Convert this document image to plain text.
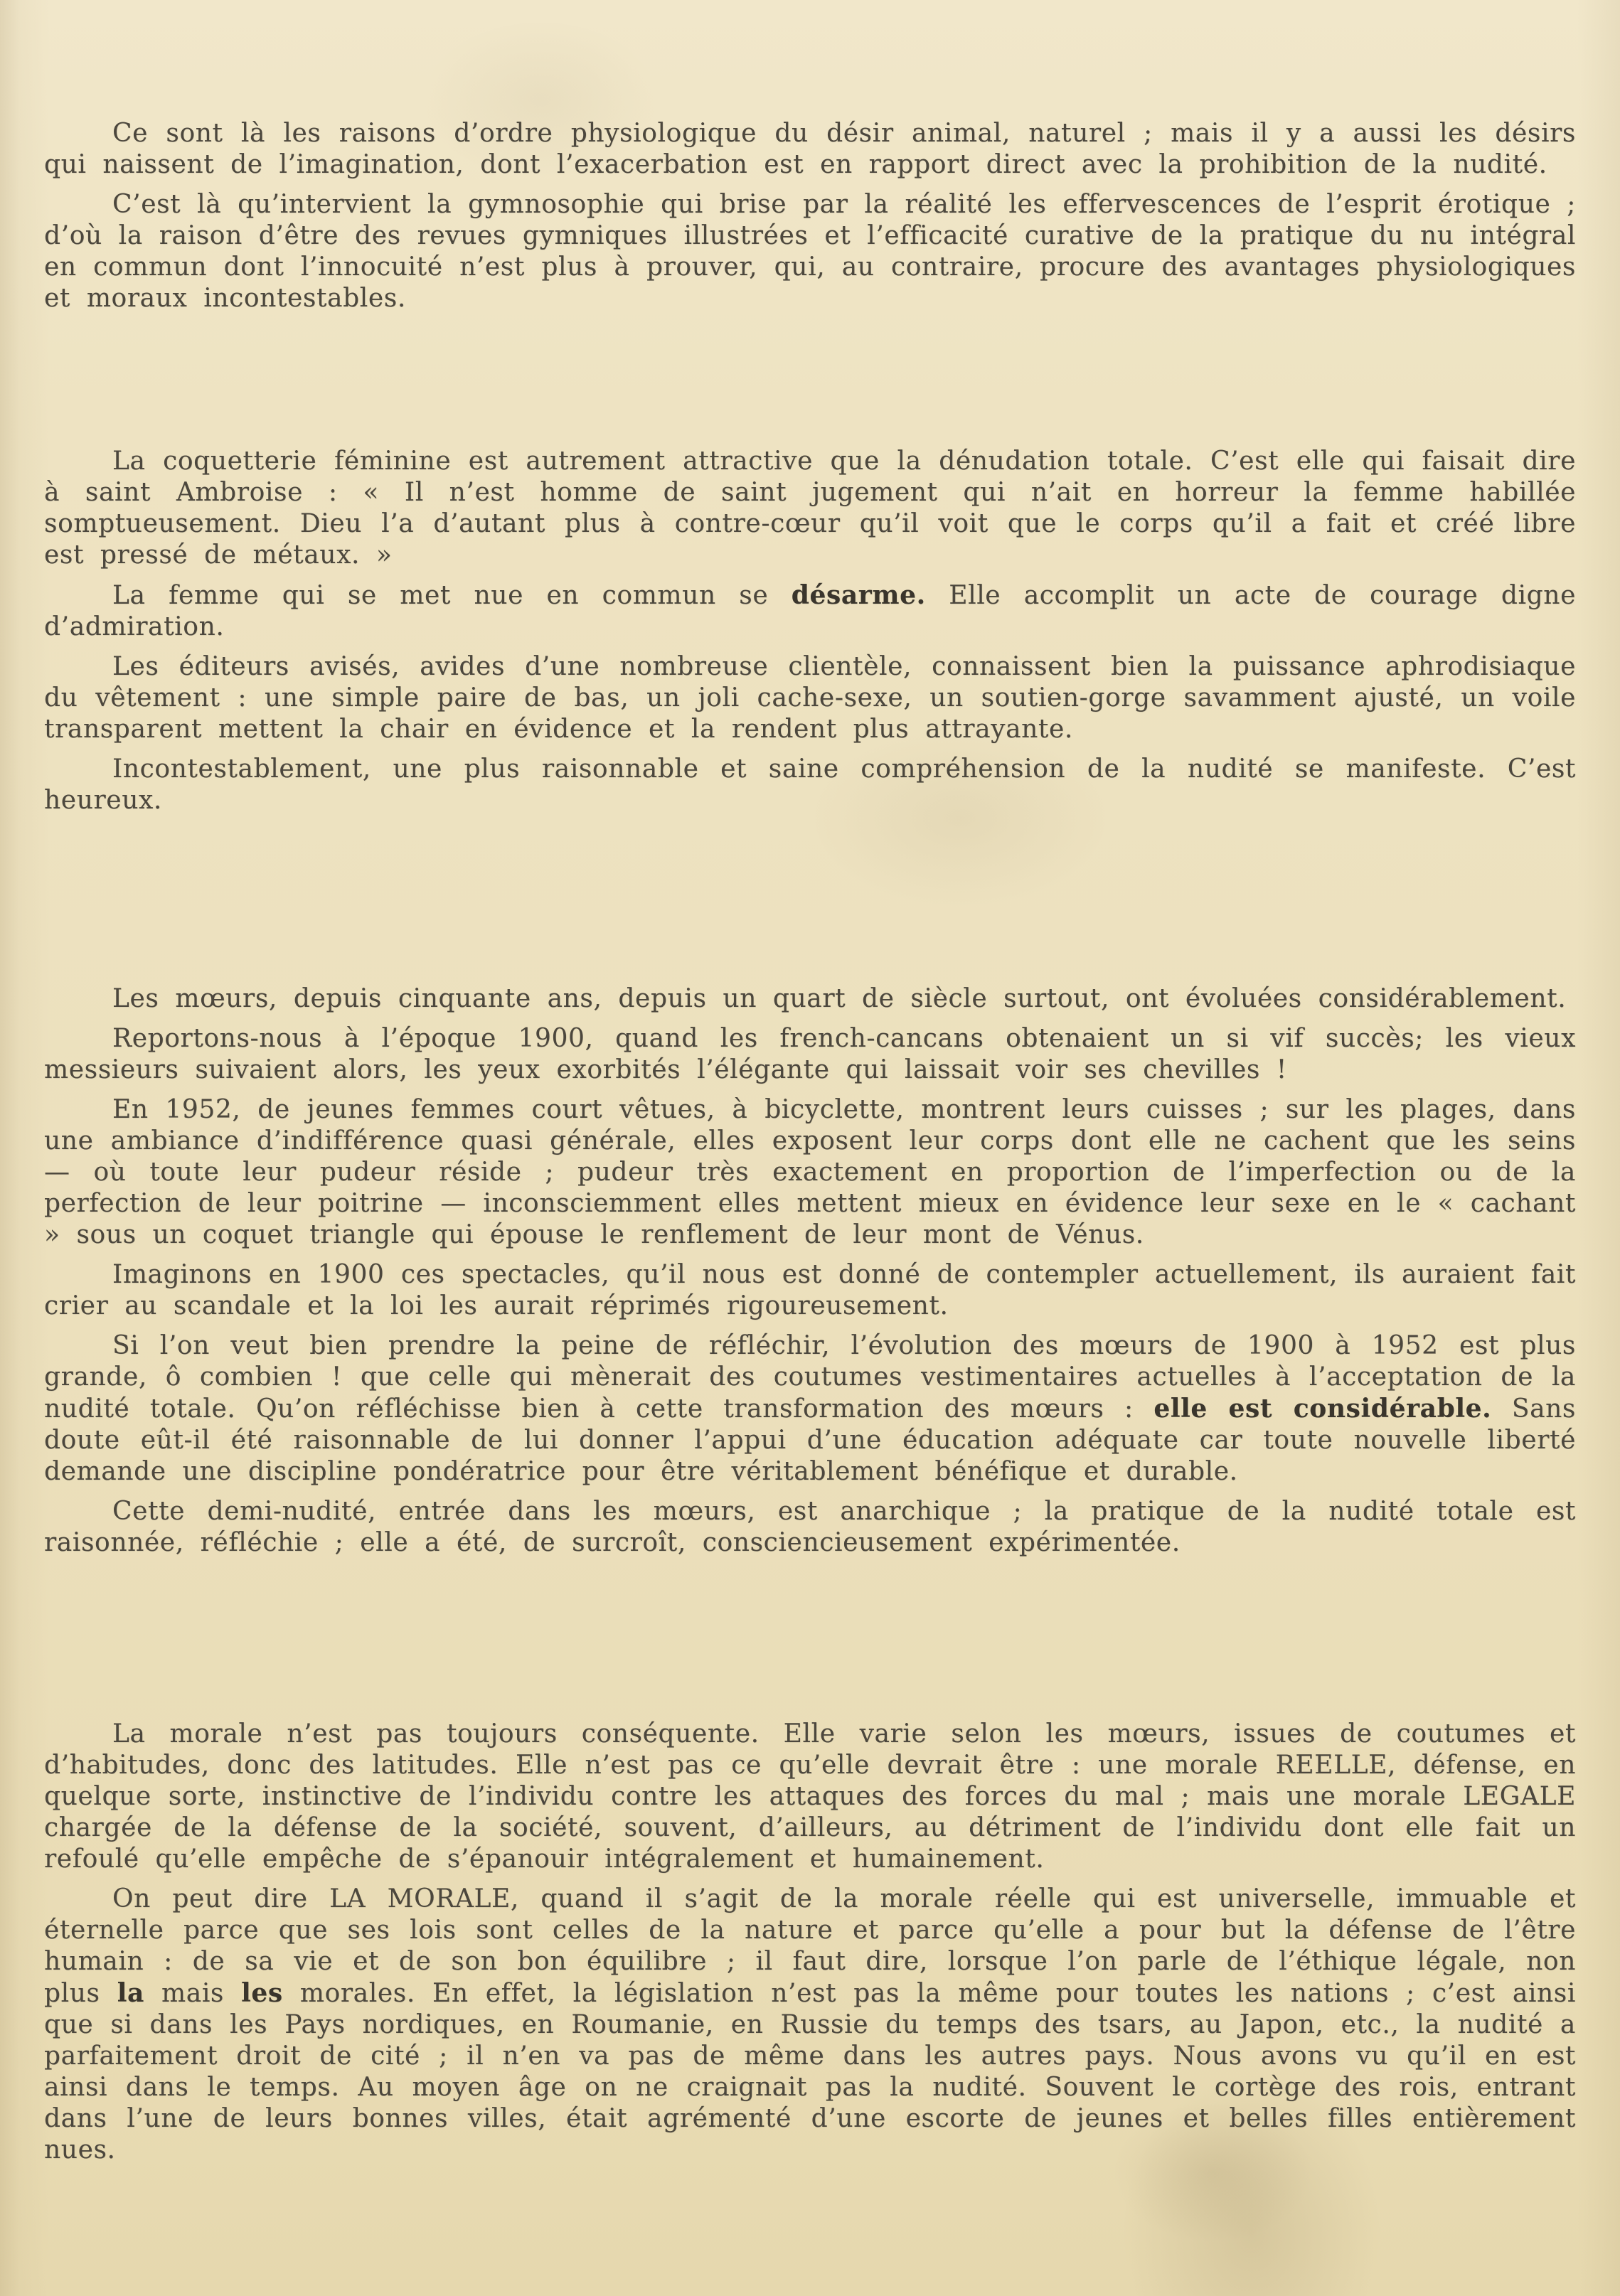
Ce sont là les raisons d’ordre physiologique du désir animal, naturel ; mais il y a aussi les désirs qui naissent de l’imagination, dont l’exacerbation est en rapport direct avec la prohibition de la nudité.

C’est là qu’intervient la gymnosophie qui brise par la réalité les effervescences de l’esprit érotique ; d’où la raison d’être des revues gymniques illustrées et l’efficacité curative de la pratique du nu intégral en commun dont l’innocuité n’est plus à prouver, qui, au contraire, procure des avantages physiologiques et moraux incontestables.

La coquetterie féminine est autrement attractive que la dénudation totale. C’est elle qui faisait dire à saint Ambroise : « Il n’est homme de saint jugement qui n’ait en horreur la femme habillée somptueusement. Dieu l’a d’autant plus à contre-cœur qu’il voit que le corps qu’il a fait et créé libre est pressé de métaux. »

La femme qui se met nue en commun se désarme. Elle accomplit un acte de courage digne d’admiration.

Les éditeurs avisés, avides d’une nombreuse clientèle, connaissent bien la puissance aphrodisiaque du vêtement : une simple paire de bas, un joli cache-sexe, un soutien-gorge savamment ajusté, un voile transparent mettent la chair en évidence et la rendent plus attrayante.

Incontestablement, une plus raisonnable et saine compréhension de la nudité se manifeste. C’est heureux.

Les mœurs, depuis cinquante ans, depuis un quart de siècle surtout, ont évoluées considérablement.

Reportons-nous à l’époque 1900, quand les french-cancans obtenaient un si vif succès; les vieux messieurs suivaient alors, les yeux exorbités l’élégante qui laissait voir ses chevilles !

En 1952, de jeunes femmes court vêtues, à bicyclette, montrent leurs cuisses ; sur les plages, dans une ambiance d’indifférence quasi générale, elles exposent leur corps dont elle ne cachent que les seins — où toute leur pudeur réside ; pudeur très exactement en proportion de l’imperfection ou de la perfection de leur poitrine — inconsciemment elles mettent mieux en évidence leur sexe en le « cachant » sous un coquet triangle qui épouse le renflement de leur mont de Vénus.

Imaginons en 1900 ces spectacles, qu’il nous est donné de contempler actuellement, ils auraient fait crier au scandale et la loi les aurait réprimés rigoureusement.

Si l’on veut bien prendre la peine de réfléchir, l’évolution des mœurs de 1900 à 1952 est plus grande, ô combien ! que celle qui mènerait des coutumes vestimentaires actuelles à l’acceptation de la nudité totale. Qu’on réfléchisse bien à cette transformation des mœurs : elle est considérable. Sans doute eût-il été raisonnable de lui donner l’appui d’une éducation adéquate car toute nouvelle liberté demande une discipline pondératrice pour être véritablement bénéfique et durable.

Cette demi-nudité, entrée dans les mœurs, est anarchique ; la pratique de la nudité totale est raisonnée, réfléchie ; elle a été, de surcroît, consciencieusement expérimentée.

La morale n’est pas toujours conséquente. Elle varie selon les mœurs, issues de coutumes et d’habitudes, donc des latitudes. Elle n’est pas ce qu’elle devrait être : une morale REELLE, défense, en quelque sorte, instinctive de l’individu contre les attaques des forces du mal ; mais une morale LEGALE chargée de la défense de la société, souvent, d’ailleurs, au détriment de l’individu dont elle fait un refoulé qu’elle empêche de s’épanouir intégralement et humainement.

On peut dire LA MORALE, quand il s’agit de la morale réelle qui est universelle, immuable et éternelle parce que ses lois sont celles de la nature et parce qu’elle a pour but la défense de l’être humain : de sa vie et de son bon équilibre ; il faut dire, lorsque l’on parle de l’éthique légale, non plus la mais les morales. En effet, la législation n’est pas la même pour toutes les nations ; c’est ainsi que si dans les Pays nordiques, en Roumanie, en Russie du temps des tsars, au Japon, etc., la nudité a parfaitement droit de cité ; il n’en va pas de même dans les autres pays. Nous avons vu qu’il en est ainsi dans le temps. Au moyen âge on ne craignait pas la nudité. Souvent le cortège des rois, entrant dans l’une de leurs bonnes villes, était agrémenté d’une escorte de jeunes et belles filles entièrement nues.
